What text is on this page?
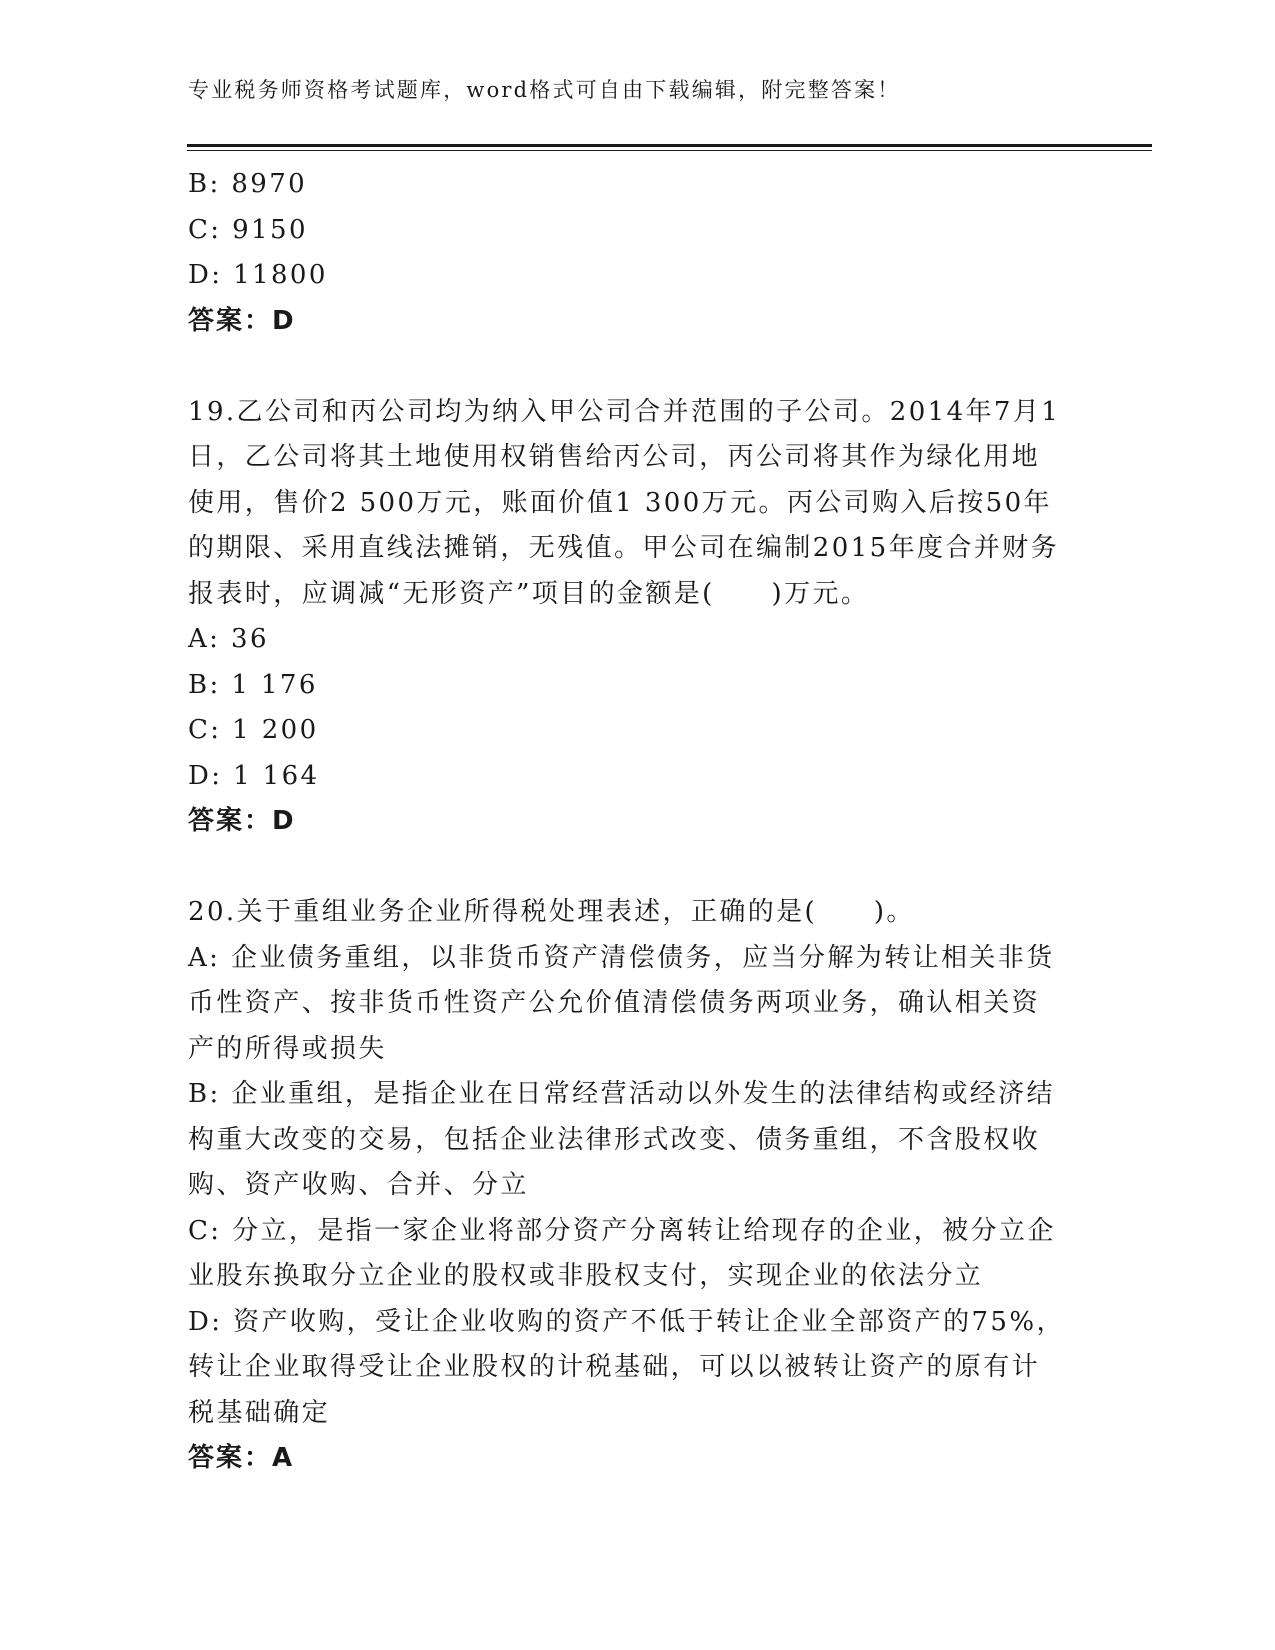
专业税务师资格考试题库，word格式可自由下载编辑，附完整答案！
B: 8970
C: 9150
D: 11800
答案：D
19.乙公司和丙公司均为纳入甲公司合并范围的子公司。2014年7月1
日，乙公司将其土地使用权销售给丙公司，丙公司将其作为绿化用地
使用，售价2 500万元，账面价值1 300万元。丙公司购入后按50年
的期限、采用直线法摊销，无残值。甲公司在编制2015年度合并财务
报表时，应调减“无形资产”项目的金额是(　　)万元。
A: 36
B: 1 176
C: 1 200
D: 1 164
答案：D
20.关于重组业务企业所得税处理表述，正确的是(　　)。
A: 企业债务重组，以非货币资产清偿债务，应当分解为转让相关非货
币性资产、按非货币性资产公允价值清偿债务两项业务，确认相关资
产的所得或损失
B: 企业重组，是指企业在日常经营活动以外发生的法律结构或经济结
构重大改变的交易，包括企业法律形式改变、债务重组，不含股权收
购、资产收购、合并、分立
C: 分立，是指一家企业将部分资产分离转让给现存的企业，被分立企
业股东换取分立企业的股权或非股权支付，实现企业的依法分立
D: 资产收购，受让企业收购的资产不低于转让企业全部资产的75%，
转让企业取得受让企业股权的计税基础，可以以被转让资产的原有计
税基础确定
答案：A
